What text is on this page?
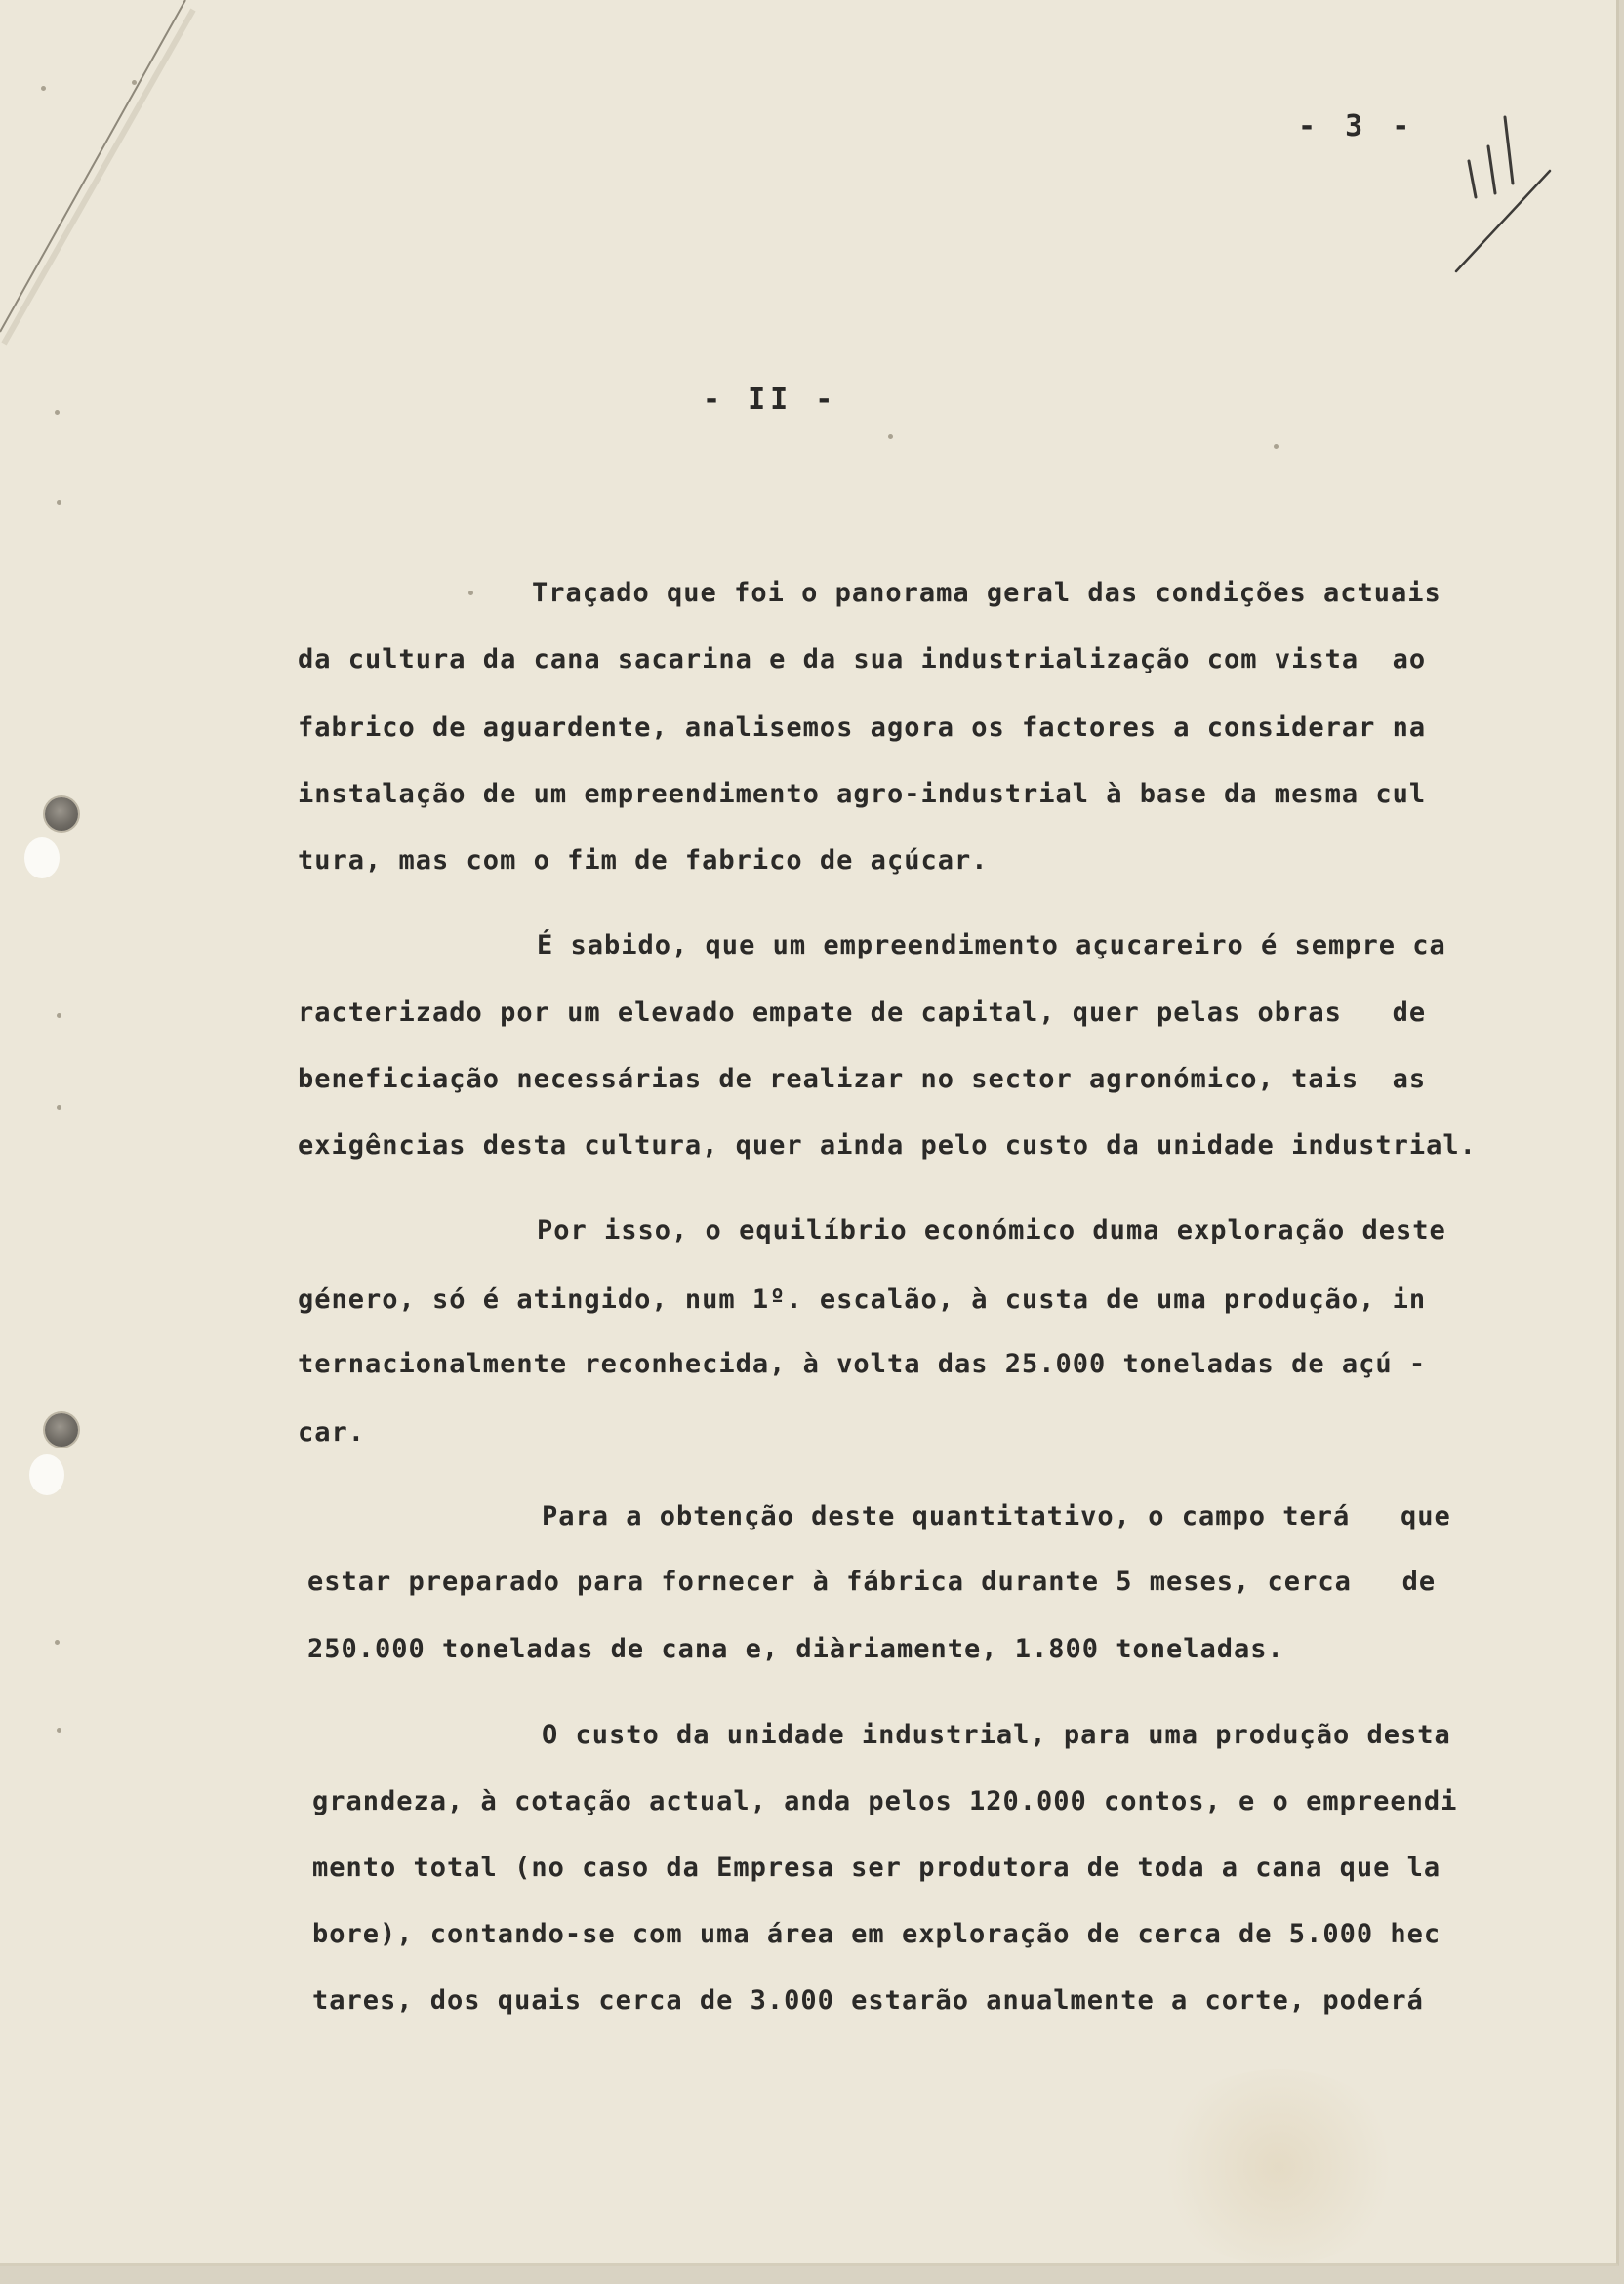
- 3 -
- II -
Traçado que foi o panorama geral das condições actuais
da cultura da cana sacarina e da sua industrialização com vista  ao
fabrico de aguardente, analisemos agora os factores a considerar na
instalação de um empreendimento agro-industrial à base da mesma cul
tura, mas com o fim de fabrico de açúcar.
É sabido, que um empreendimento açucareiro é sempre ca
racterizado por um elevado empate de capital, quer pelas obras   de
beneficiação necessárias de realizar no sector agronómico, tais  as
exigências desta cultura, quer ainda pelo custo da unidade industrial.
Por isso, o equilíbrio económico duma exploração deste
género, só é atingido, num 1º. escalão, à custa de uma produção, in
ternacionalmente reconhecida, à volta das 25.000 toneladas de açú -
car.
Para a obtenção deste quantitativo, o campo terá   que
estar preparado para fornecer à fábrica durante 5 meses, cerca   de
250.000 toneladas de cana e, diàriamente, 1.800 toneladas.
O custo da unidade industrial, para uma produção desta
grandeza, à cotação actual, anda pelos 120.000 contos, e o empreendi
mento total (no caso da Empresa ser produtora de toda a cana que la
bore), contando-se com uma área em exploração de cerca de 5.000 hec
tares, dos quais cerca de 3.000 estarão anualmente a corte, poderá
